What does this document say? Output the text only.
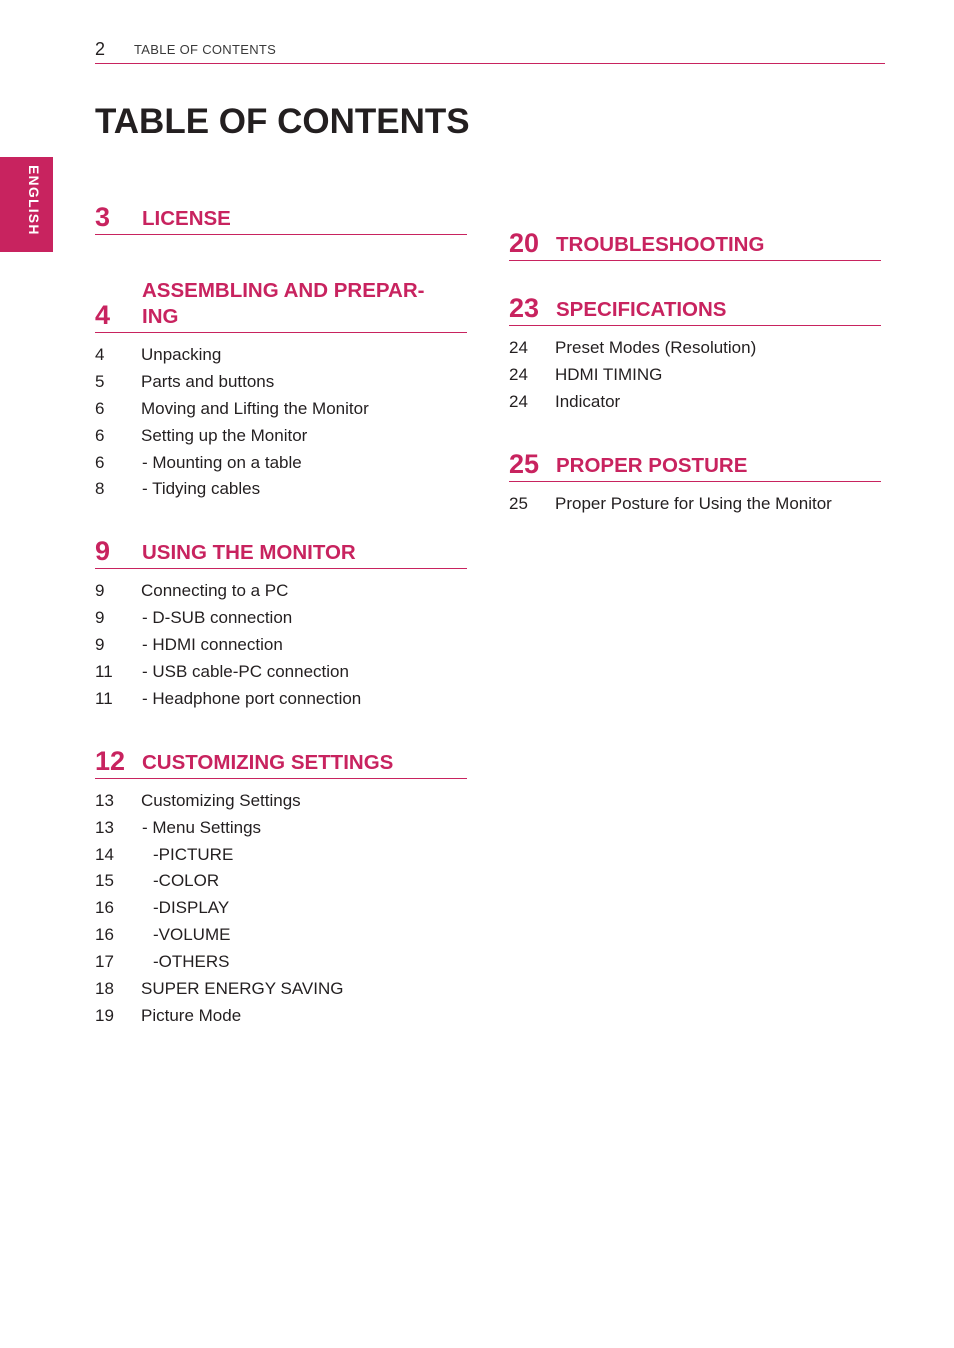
2 TABLE OF CONTENTS
ENGLISH
TABLE OF CONTENTS
3 LICENSE
4
ASSEMBLING AND PREPAR-
ING
4 Unpacking
5 Parts and buttons
6 Moving and Lifting the Monitor
6 Setting up the Monitor
6 - Mounting on a table
8 - Tidying cables
9 USING THE MONITOR
9 Connecting to a PC
9 - D-SUB connection
9 - HDMI connection
11 - USB cable-PC connection
11 - Headphone port connection
12 CUSTOMIZING SETTINGS
13 Customizing Settings
13 - Menu Settings
14 -PICTURE
15 -COLOR
16 -DISPLAY
16 -VOLUME
17 -OTHERS
18 SUPER ENERGY SAVING
19 Picture Mode
20 TROUBLESHOOTING
23 SPECIFICATIONS
24 Preset Modes (Resolution)
24 HDMI TIMING
24 Indicator
25 PROPER POSTURE
25 Proper Posture for Using the Monitor
